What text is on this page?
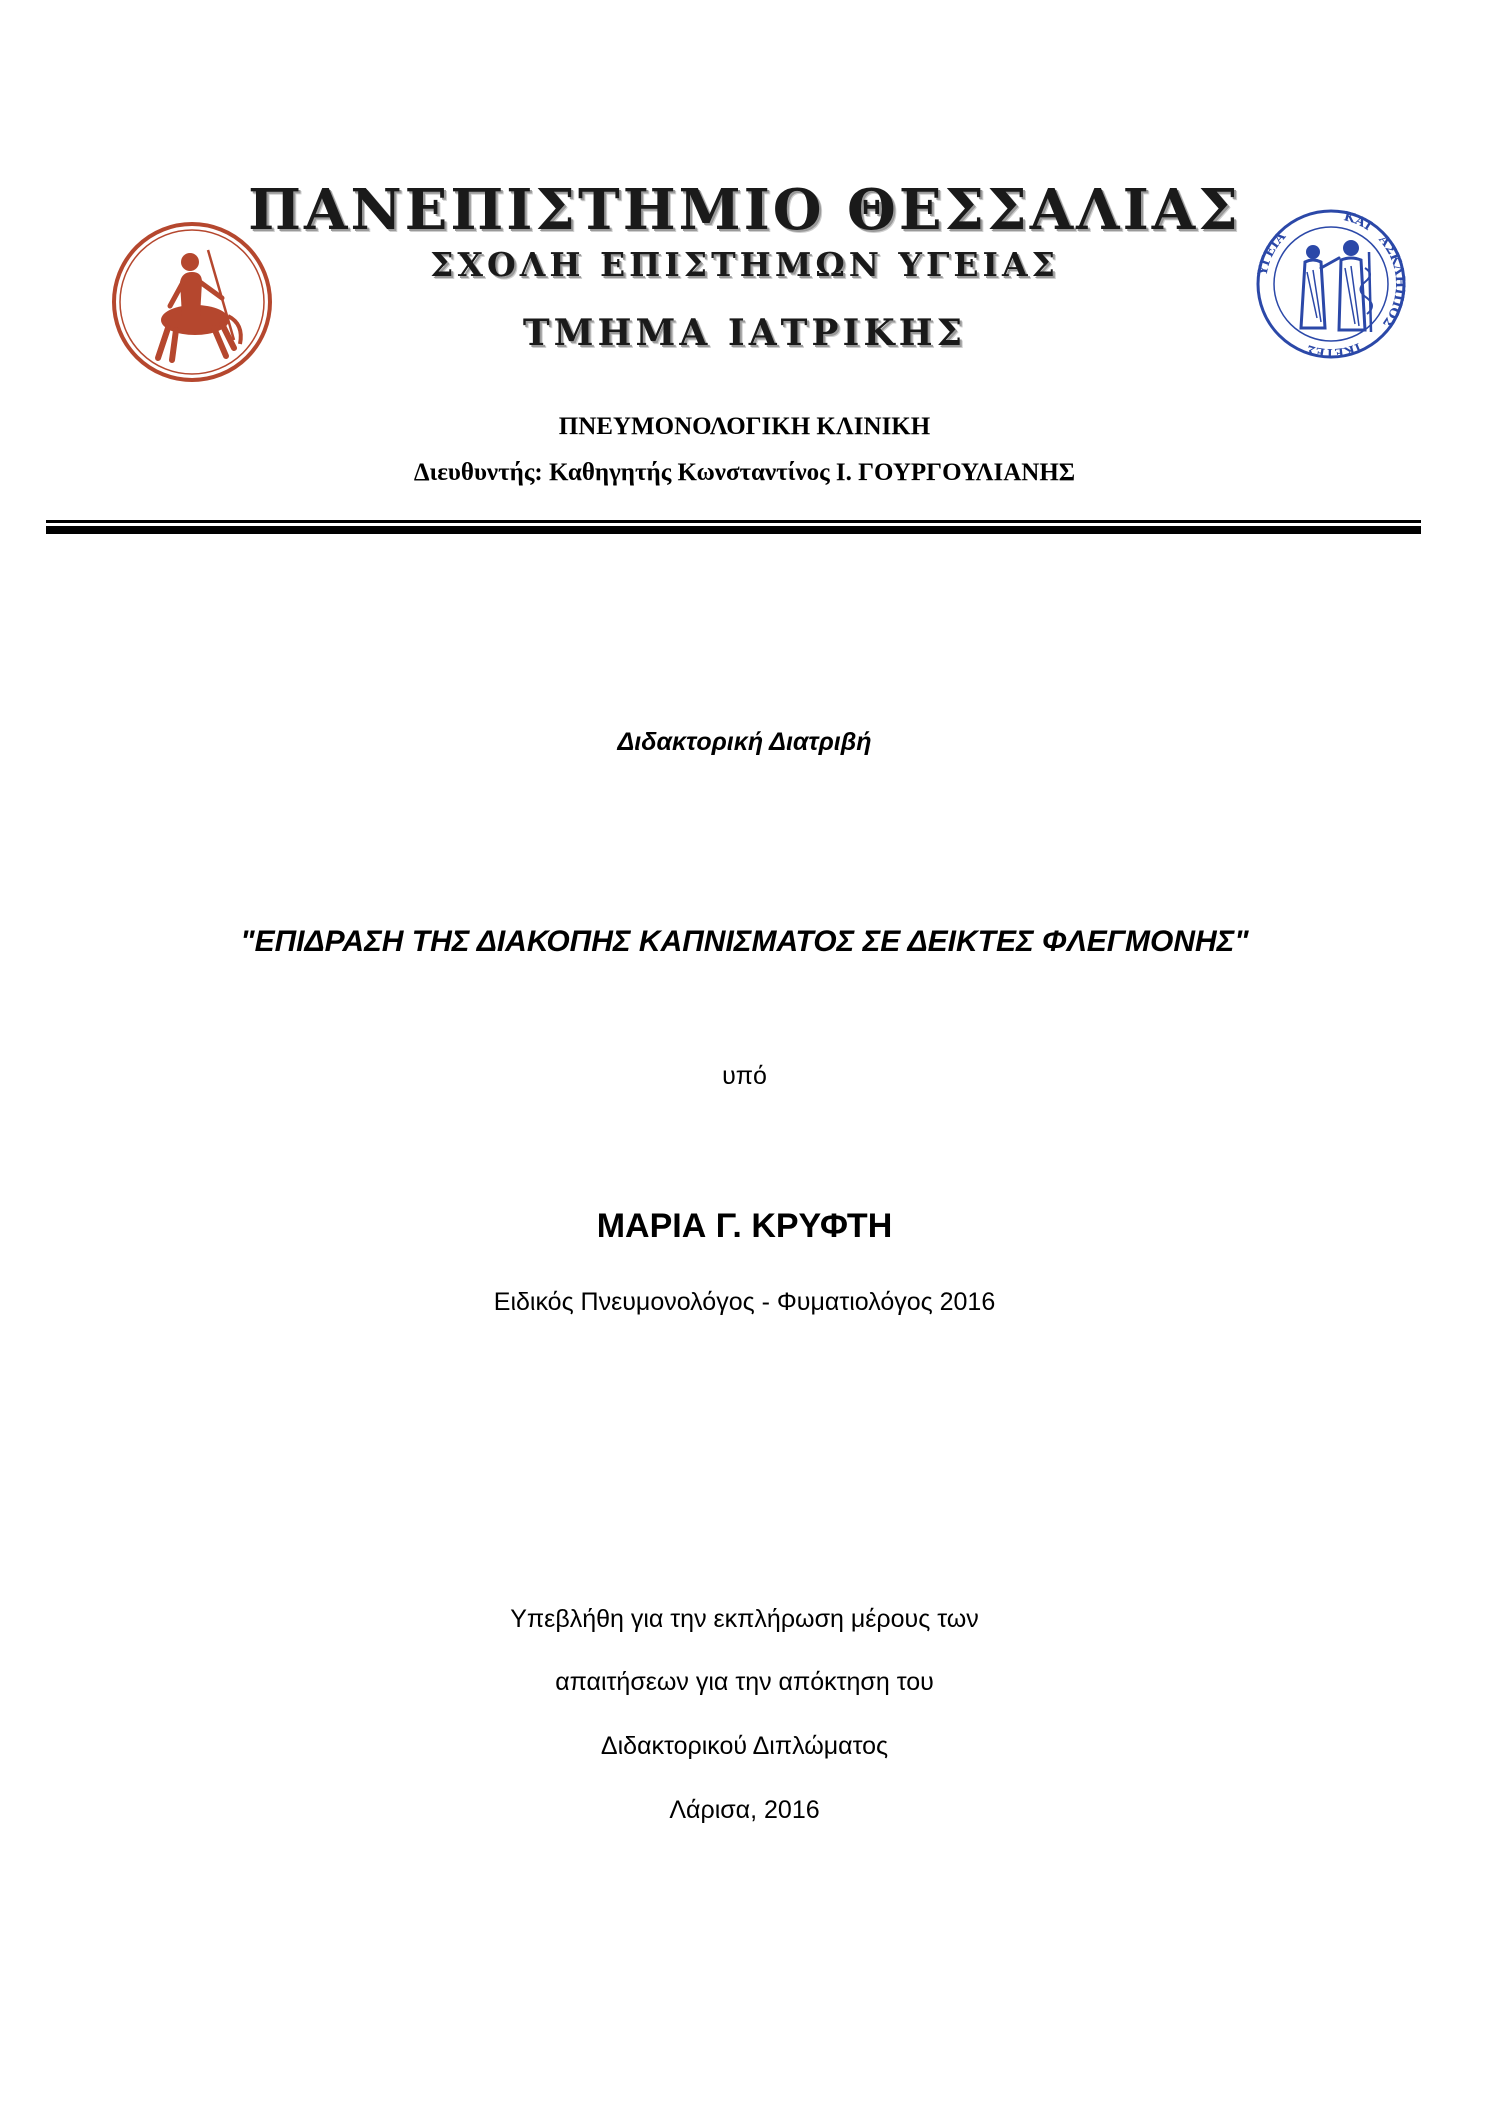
ΥΓΕΙΑ
ΚΑΙ
ΑΣΚΛΗΠΙΟΣ
ΙΚΕΤΕΣ
ΠΑΝΕΠΙΣΤΗΜΙΟ ΘΕΣΣΑΛΙΑΣ
ΣΧΟΛΗ ΕΠΙΣΤΗΜΩΝ ΥΓΕΙΑΣ
ΤΜΗΜΑ ΙΑΤΡΙΚΗΣ
ΠΝΕΥΜΟΝΟΛΟΓΙΚΗ ΚΛΙΝΙΚΗ
Διευθυντής: Καθηγητής Κωνσταντίνος Ι. ΓΟΥΡΓΟΥΛΙΑΝΗΣ
Διδακτορική Διατριβή
"ΕΠΙΔΡΑΣΗ ΤΗΣ ΔΙΑΚΟΠΗΣ ΚΑΠΝΙΣΜΑΤΟΣ ΣΕ ΔΕΙΚΤΕΣ ΦΛΕΓΜΟΝΗΣ"
υπό
ΜΑΡΙΑ Γ. ΚΡΥΦΤΗ
Ειδικός Πνευμονολόγος - Φυματιολόγος 2016
Υπεβλήθη για την εκπλήρωση μέρους των
απαιτήσεων για την απόκτηση του
Διδακτορικού Διπλώματος
Λάρισα, 2016
